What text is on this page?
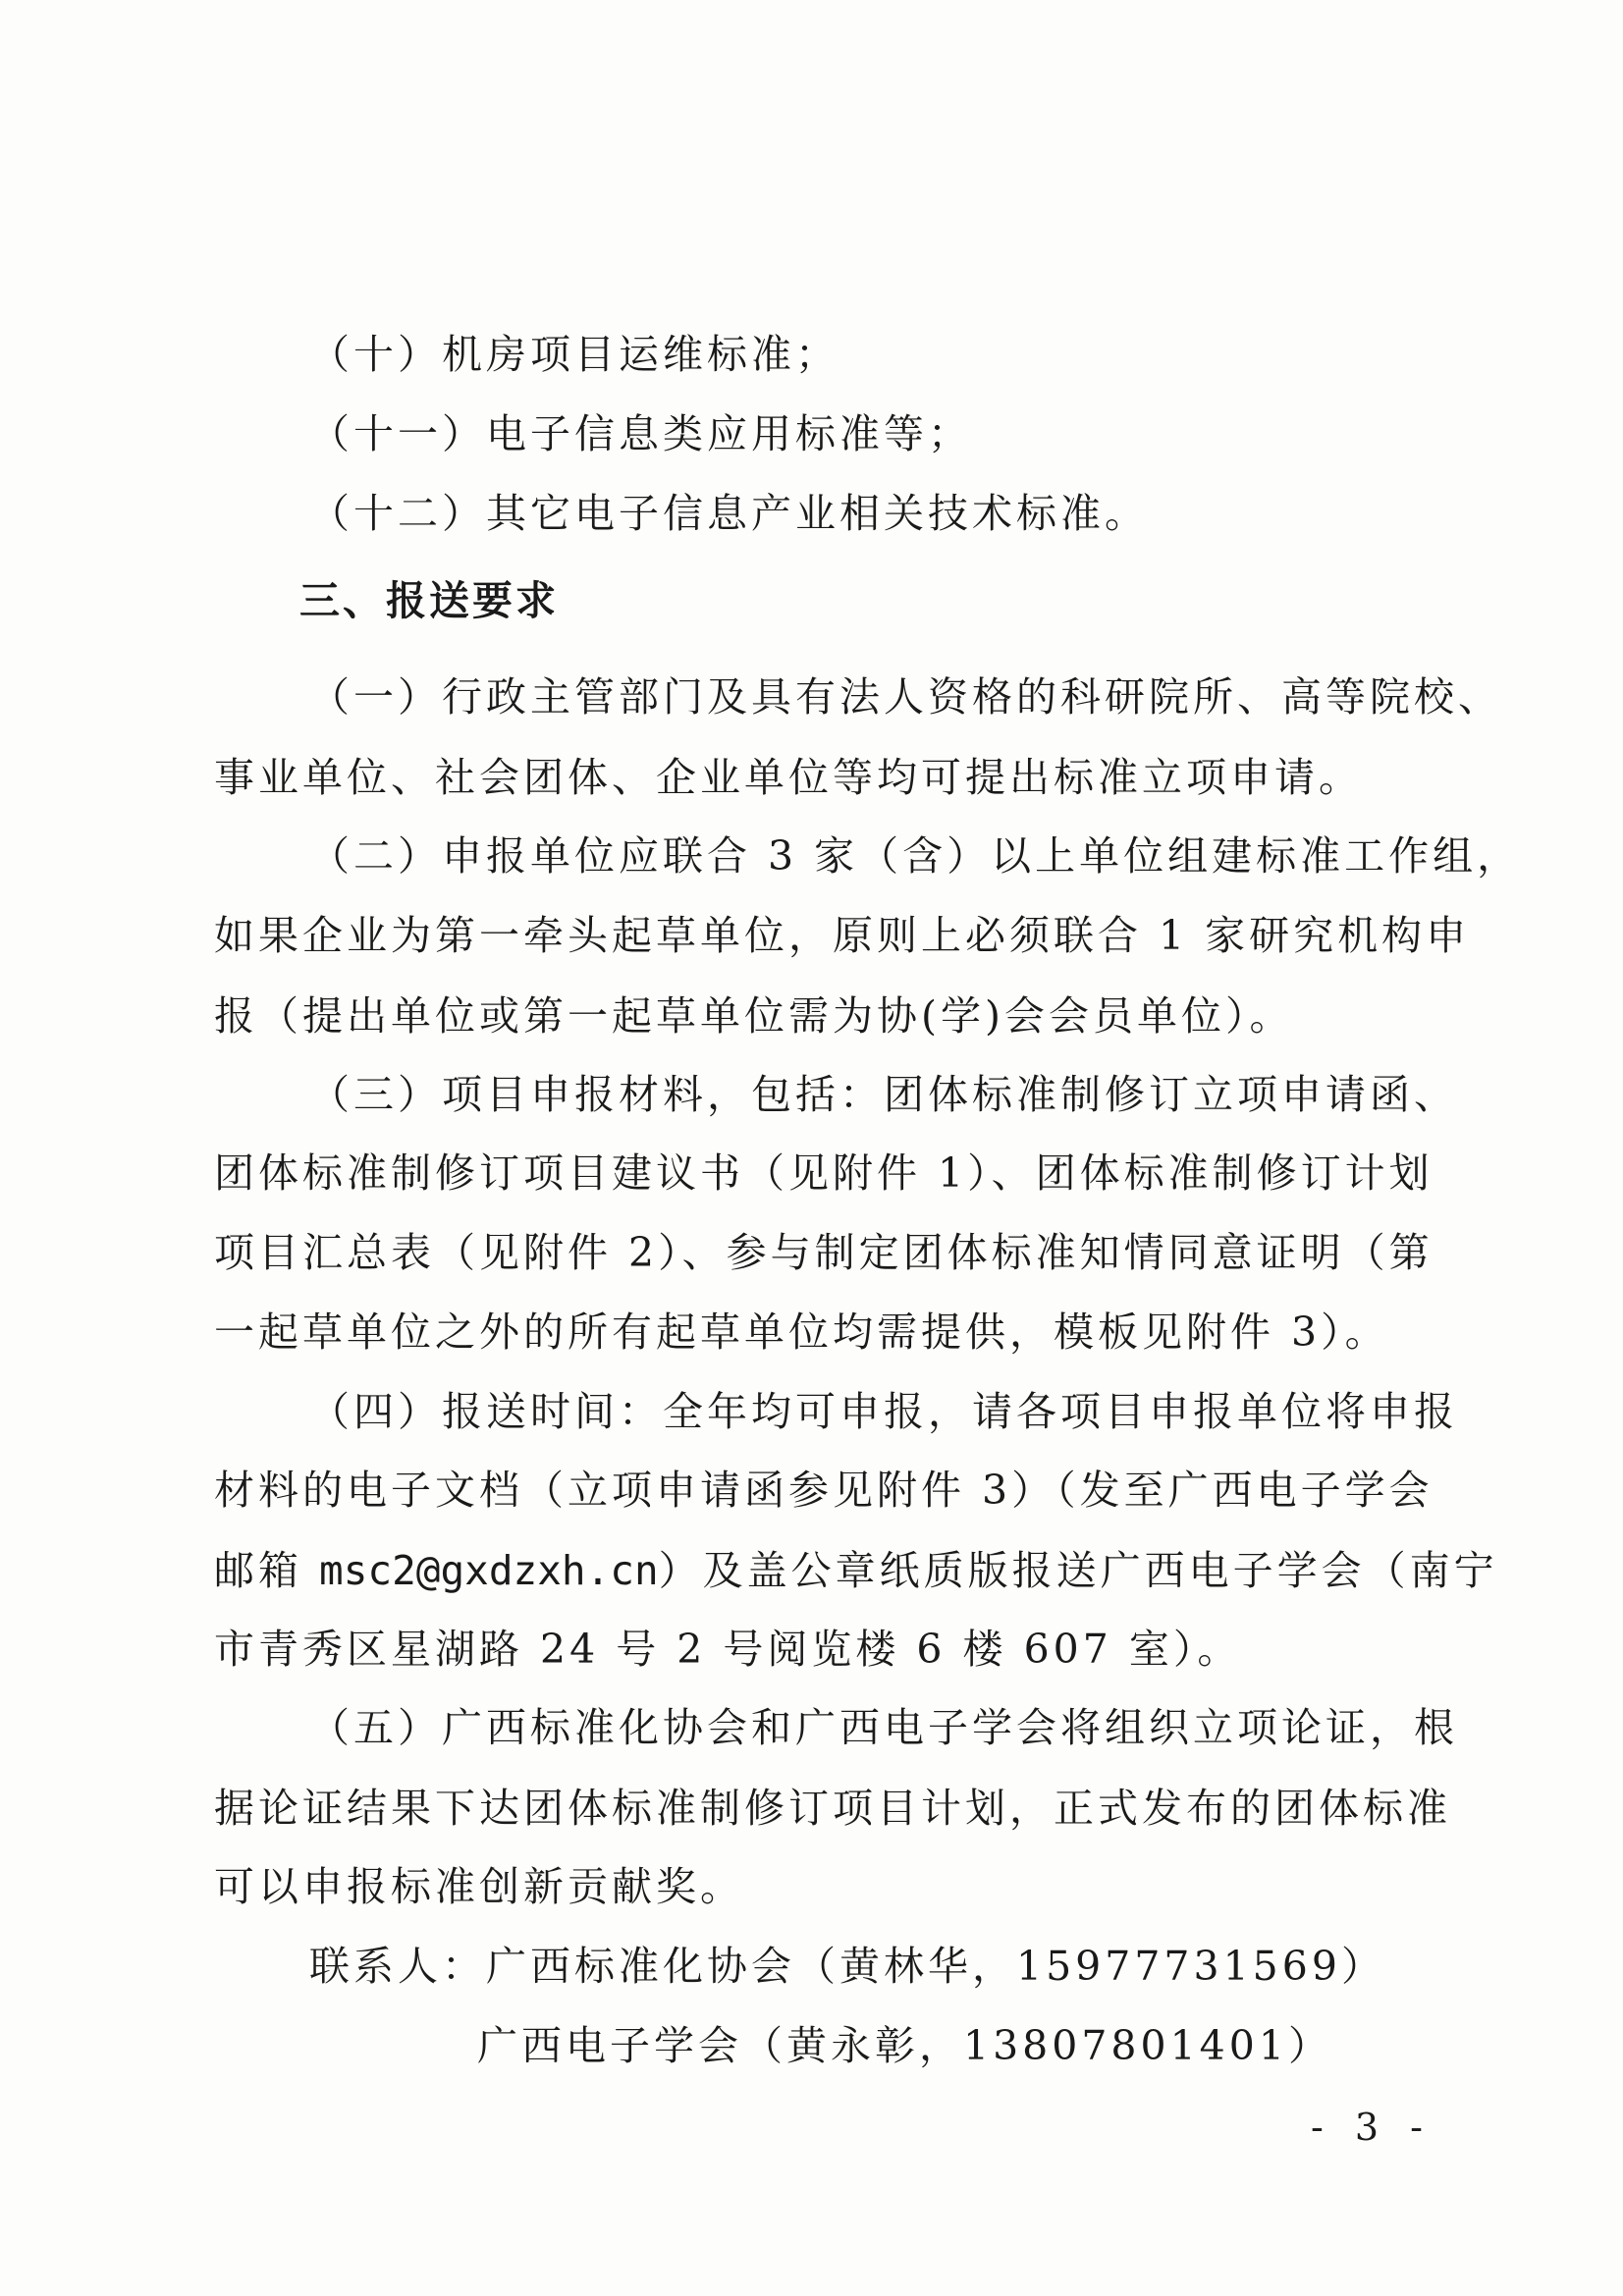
（十）机房项目运维标准；
（十一）电子信息类应用标准等；
（十二）其它电子信息产业相关技术标准。
三、报送要求
（一）行政主管部门及具有法人资格的科研院所、高等院校、
事业单位、社会团体、企业单位等均可提出标准立项申请。
（二）申报单位应联合 3 家（含）以上单位组建标准工作组，
如果企业为第一牵头起草单位，原则上必须联合 1 家研究机构申
报（提出单位或第一起草单位需为协(学)会会员单位）。
（三）项目申报材料，包括：团体标准制修订立项申请函、
团体标准制修订项目建议书（见附件 1）、团体标准制修订计划
项目汇总表（见附件 2）、参与制定团体标准知情同意证明（第
一起草单位之外的所有起草单位均需提供，模板见附件 3）。
（四）报送时间：全年均可申报，请各项目申报单位将申报
材料的电子文档（立项申请函参见附件 3）（发至广西电子学会
邮箱 msc2@gxdzxh.cn）及盖公章纸质版报送广西电子学会（南宁
市青秀区星湖路 24 号 2 号阅览楼 6 楼 607 室）。
（五）广西标准化协会和广西电子学会将组织立项论证，根
据论证结果下达团体标准制修订项目计划，正式发布的团体标准
可以申报标准创新贡献奖。
联系人：广西标准化协会（黄林华，15977731569）
广西电子学会（黄永彰，13807801401）
- 3 -
